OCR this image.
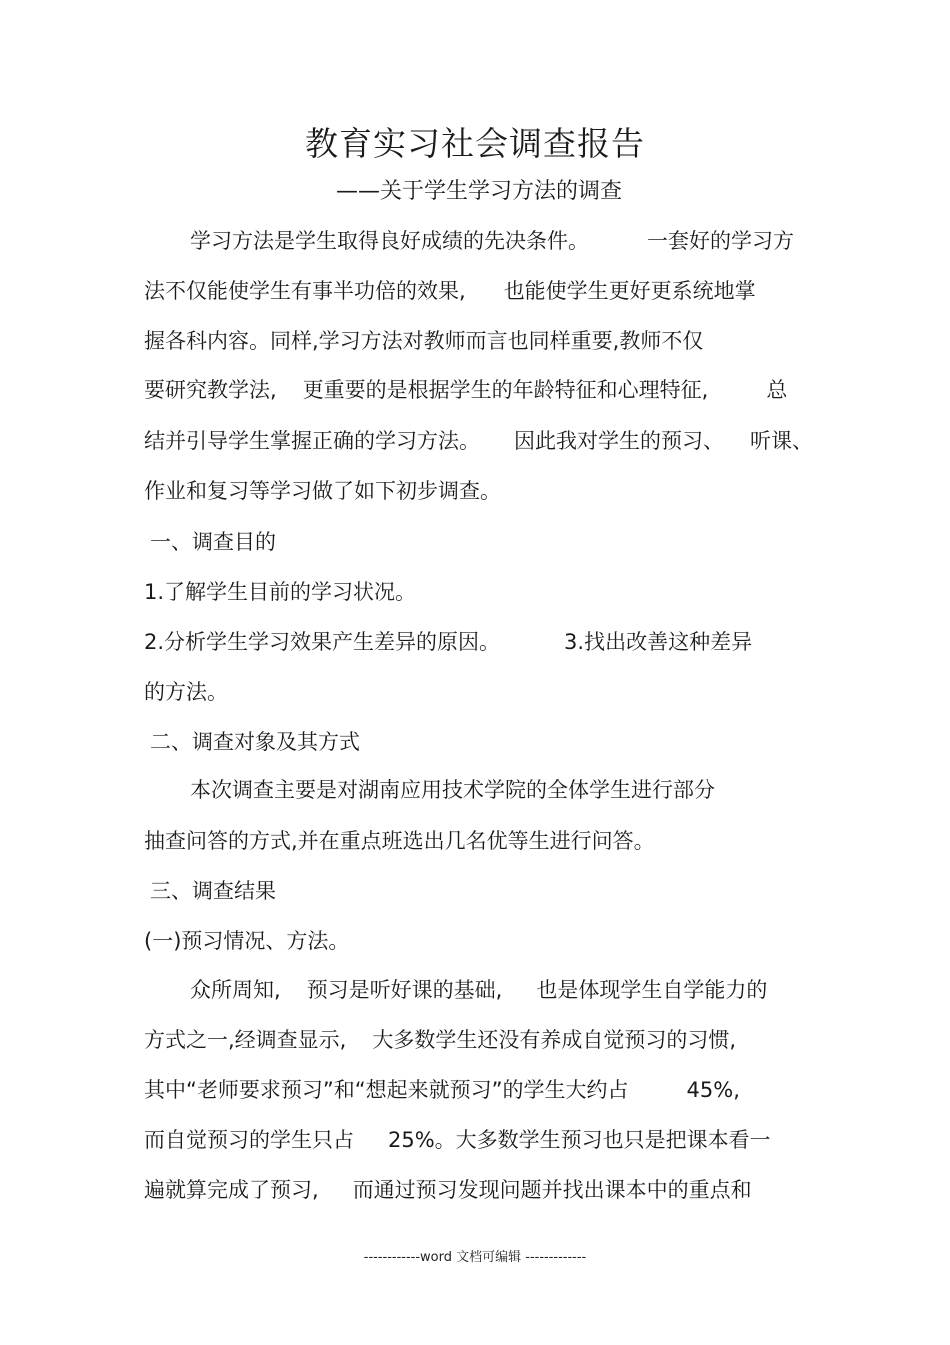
教育实习社会调查报告
——关于学生学习方法的调查
学习方法是学生取得良好成绩的先决条件。	一套好的学习方
法不仅能使学生有事半功倍的效果, 也能使学生更好更系统地掌
握各科内容。同样,学习方法对教师而言也同样重要,教师不仅
要研究教学法, 更重要的是根据学生的年龄特征和心理特征,	总
结并引导学生掌握正确的学习方法。 因此我对学生的预习、 听课、
作业和复习等学习做了如下初步调查。
一、调查目的
1.了解学生目前的学习状况。
2.分析学生学习效果产生差异的原因。	3.找出改善这种差异
的方法。
二、调查对象及其方式
本次调查主要是对湖南应用技术学院的全体学生进行部分
抽查问答的方式,并在重点班选出几名优等生进行问答。
三、调查结果
(一)预习情况、方法。
众所周知, 预习是听好课的基础, 也是体现学生自学能力的
方式之一,经调查显示, 大多数学生还没有养成自觉预习的习惯,
其中“老师要求预习”和“想起来就预习”的学生大约占	45%,
而自觉预习的学生只占 25%。大多数学生预习也只是把课本看一
遍就算完成了预习, 而通过预习发现问题并找出课本中的重点和
------------word 文档可编辑 -------------
